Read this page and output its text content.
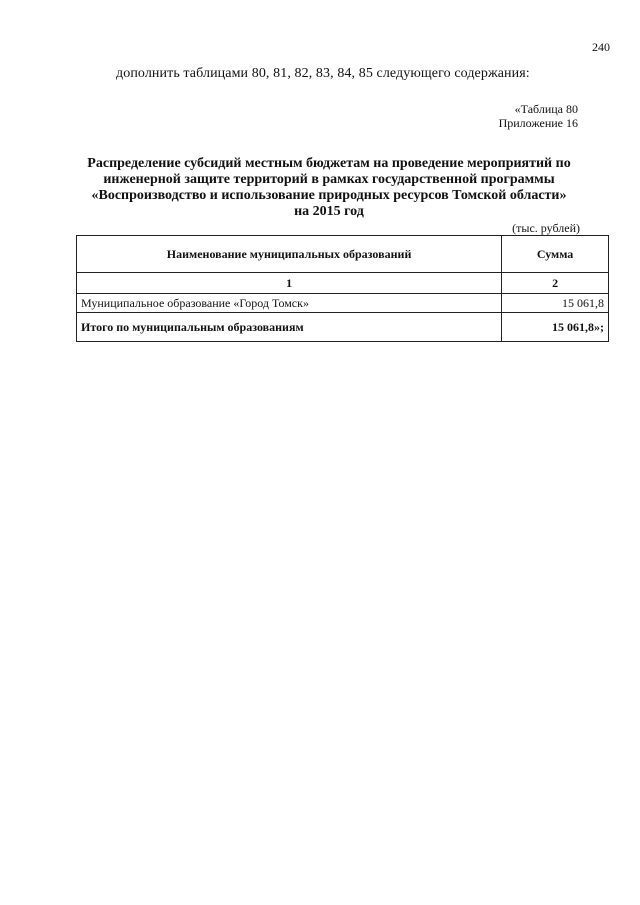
240
дополнить таблицами 80, 81, 82, 83, 84, 85 следующего содержания:
«Таблица 80
Приложение 16
Распределение субсидий местным бюджетам на проведение мероприятий по
инженерной защите территорий в рамках государственной программы
«Воспроизводство и использование природных ресурсов Томской области»
на 2015 год
(тыс. рублей)
Наименование муниципальных образований	Сумма
1	2
Муниципальное образование «Город Томск»	15 061,8
Итого по муниципальным образованиям	15 061,8»;
